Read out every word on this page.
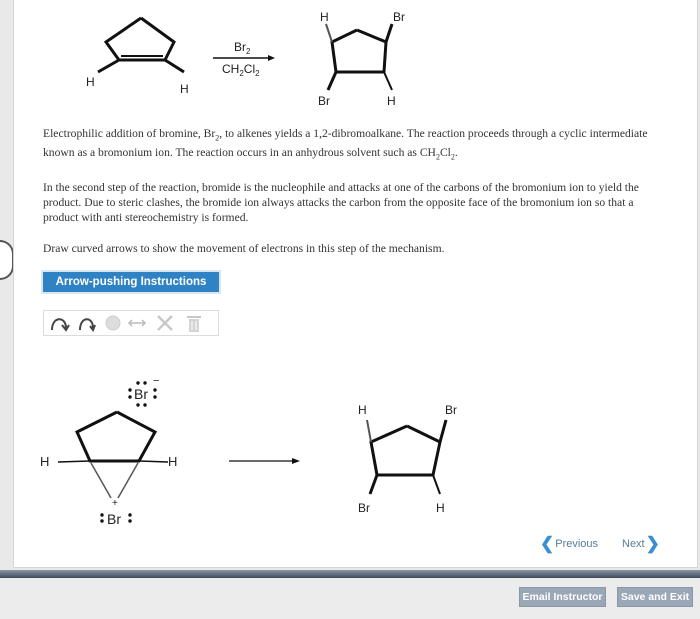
H	H
$Br_2$
$CH_2Cl_2$
H	Br
Br	H

Electrophilic addition of bromine, $Br_2$, to alkenes yields a 1,2-dibromoalkane. The reaction proceeds through a cyclic intermediate known as a bromonium ion. The reaction occurs in an anhydrous solvent such as $CH_2Cl_2$.

In the second step of the reaction, bromide is the nucleophile and attacks at one of the carbons of the bromonium ion to yield the product. Due to steric clashes, the bromide ion always attacks the carbon from the opposite face of the bromonium ion so that a product with anti stereochemistry is formed.

Draw curved arrows to show the movement of electrons in this step of the mechanism.

Arrow-pushing Instructions
Br
−
H	H
Br
+
H	Br
Br	H
❮ Previous Next ❯
Email Instructor	Save and Exit
